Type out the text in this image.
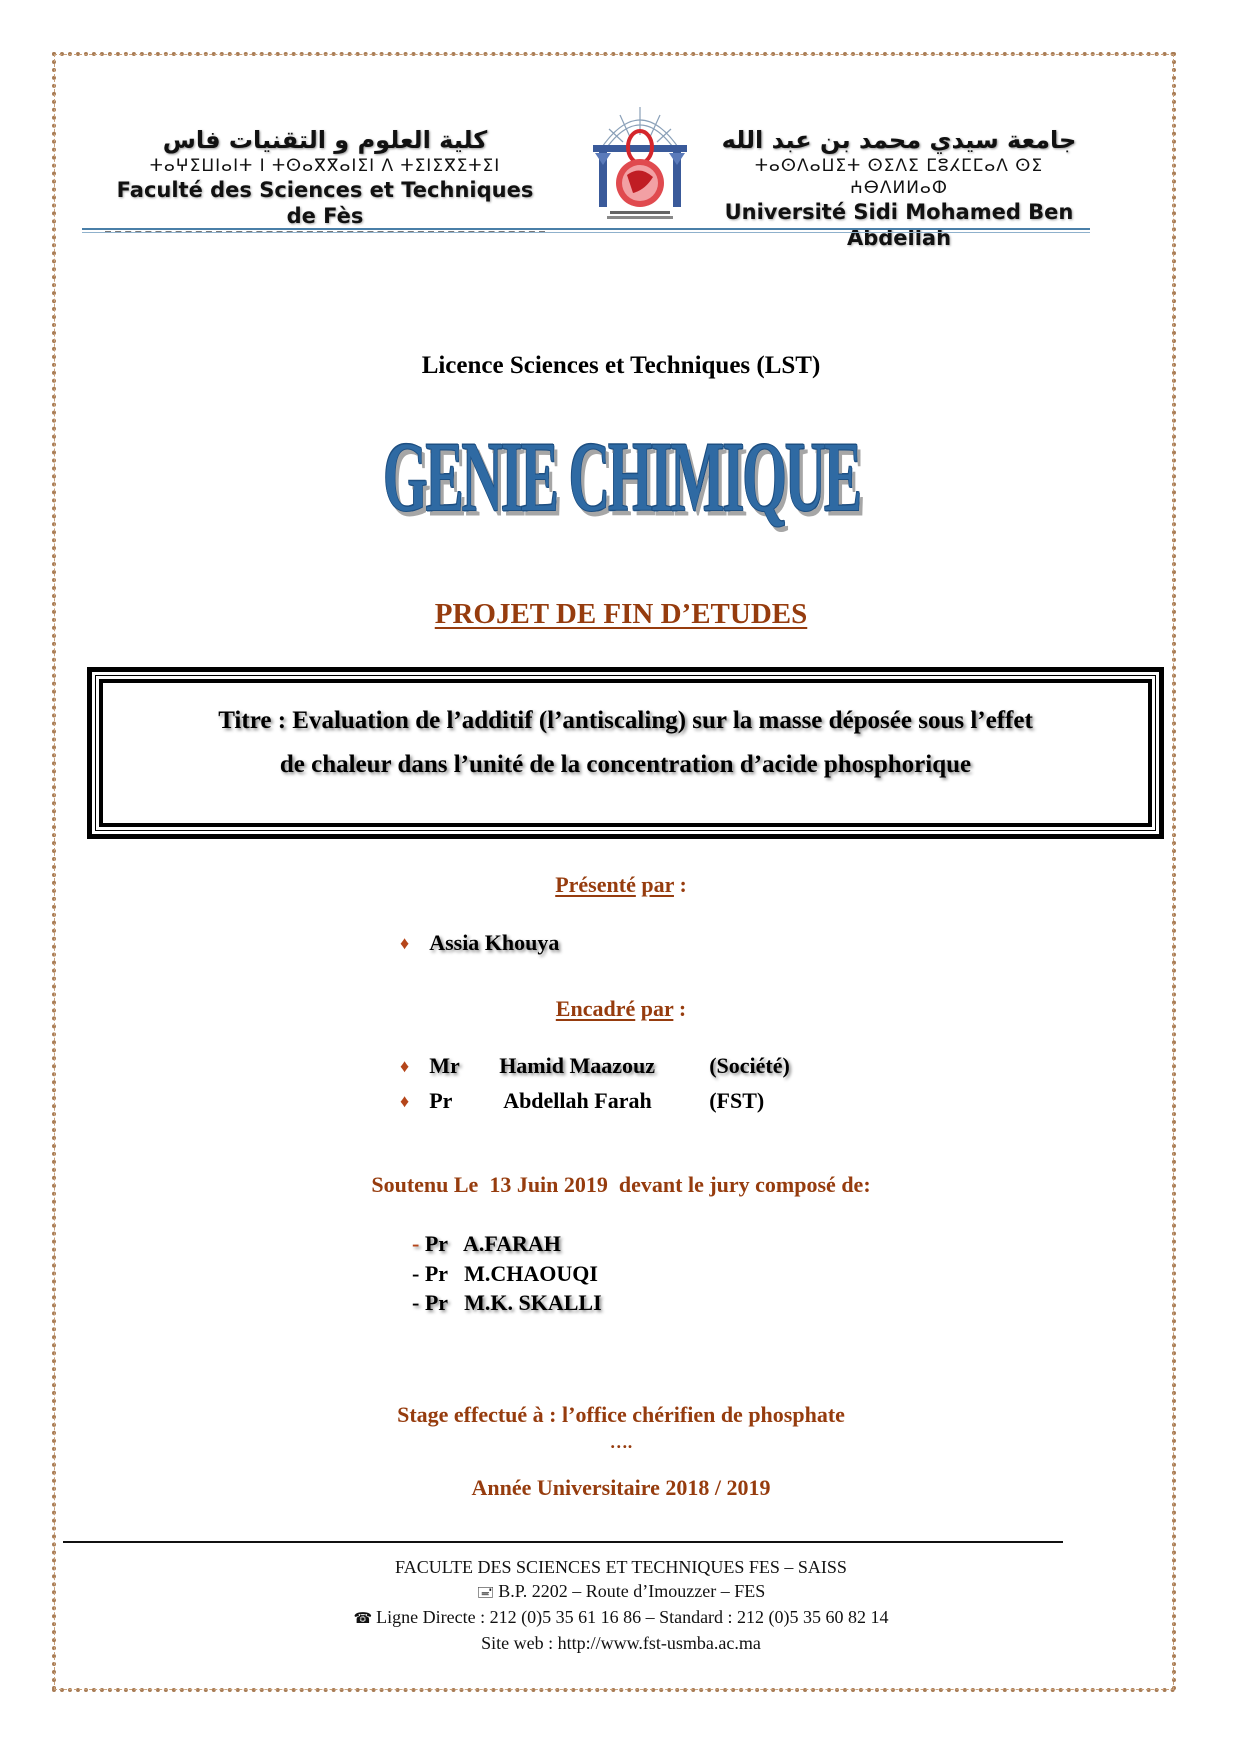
كلية العلوم و التقنيات فاس
ⵜⴰⵖⵉⵡⵏⴰⵏⵜ ⵏ ⵜⵙⴰⴳⴳⴰⵏⵉⵏ ⴷ ⵜⵉⵏⵉⴳⵉⵜⵉⵏ
Faculté des Sciences et Techniques de Fès
جامعة سيدي محمد بن عبد الله
ⵜⴰⵙⴷⴰⵡⵉⵜ ⵙⵉⴷⵉ ⵎⵓⵃⵎⵎⴰⴷ ⵙⵉ ⵄⴱⴷⵍⵍⴰⵀ
Université Sidi Mohamed Ben Abdellah
Licence Sciences et Techniques (LST)
GENIE CHIMIQUE
PROJET DE FIN D’ETUDES
Titre : Evaluation de l’additif (l’antiscaling) sur la masse déposée sous l’effet
de chaleur dans l’unité de la concentration d’acide phosphorique
Présenté par :
♦ Assia Khouya
Encadré par :
♦ Mr	Hamid Maazouz	(Société)
♦ Pr	Abdellah Farah	(FST)
Soutenu Le  13 Juin 2019  devant le jury composé de:
- Pr A.FARAH
- Pr M.CHAOUQI
- Pr M.K. SKALLI
Stage effectué à : l’office chérifien de phosphate
….
Année Universitaire 2018 / 2019
FACULTE DES SCIENCES ET TECHNIQUES FES – SAISS
🖃 B.P. 2202 – Route d’Imouzzer – FES
☎ Ligne Directe : 212 (0)5 35 61 16 86 – Standard : 212 (0)5 35 60 82 14
Site web : http://www.fst-usmba.ac.ma
